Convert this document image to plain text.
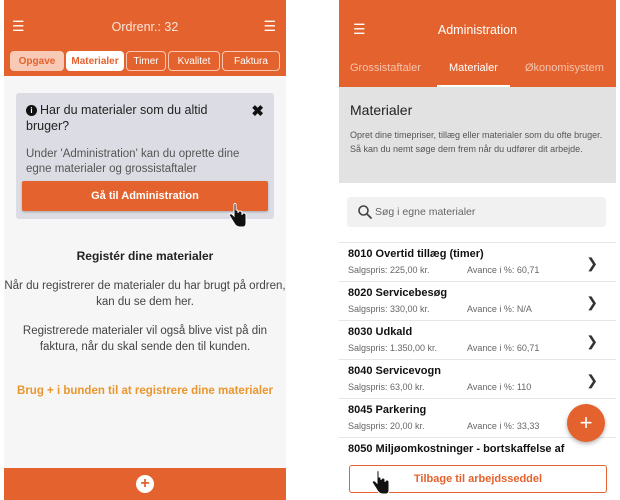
☰	Ordrenr.: 32	☰
Opgave	Materialer	Timer	Kvalitet	Faktura
i Har du materialer som du altid bruger?
✖
Under 'Administration' kan du oprette dine egne materialer og grossistaftaler
Gå til Administration
Registér dine materialer
Når du registrerer de materialer du har brugt på ordren, kan du se dem her.
Registrerede materialer vil også blive vist på din faktura, når du skal sende den til kunden.
Brug + i bunden til at registrere dine materialer
+
☰	Administration
Grossistaftaler	Materialer	Økonomisystem
Materialer
Opret dine timepriser, tillæg eller materialer som du ofte bruger. Så kan du nemt søge dem frem når du udfører dit arbejde.
Søg i egne materialer
8010 Overtid tillæg (timer)
Salgspris: 225,00 kr.	Avance i %: 60,71	❯
8020 Servicebesøg
Salgspris: 330,00 kr.	Avance i %: N/A	❯
8030 Udkald
Salgspris: 1.350,00 kr.	Avance i %: 60,71	❯
8040 Servicevogn
Salgspris: 63,00 kr.	Avance i %: 110	❯
8045 Parkering
Salgspris: 20,00 kr.	Avance i %: 33,33
8050 Miljøomkostninger - bortskaffelse af
+
Tilbage til arbejdsseddel
